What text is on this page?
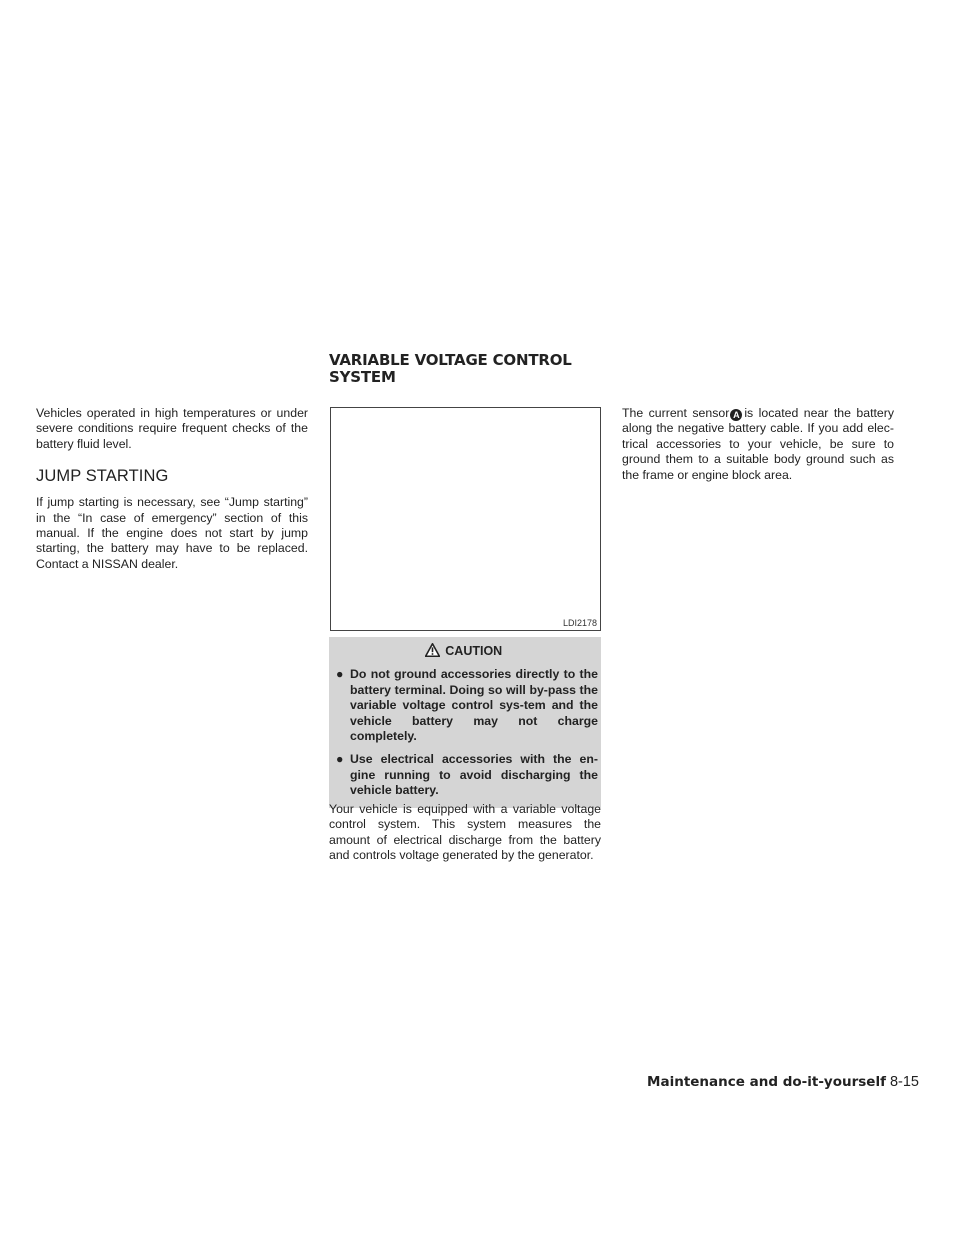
Vehicles operated in high temperatures or under severe conditions require frequent checks of the battery fluid level.

JUMP STARTING

If jump starting is necessary, see “Jump starting” in the “In case of emergency” section of this manual. If the engine does not start by jump starting, the battery may have to be replaced. Contact a NISSAN dealer.

VARIABLE VOLTAGE CONTROL
SYSTEM
LDI2178
CAUTION
● Do not ground accessories directly to the battery terminal. Doing so will by-pass the variable voltage control sys-tem and the vehicle battery may not charge completely.
● Use electrical accessories with the en-gine running to avoid discharging the vehicle battery.

Your vehicle is equipped with a variable voltage control system. This system measures the amount of electrical discharge from the battery and controls voltage generated by the generator.

The current sensor A is located near the battery along the negative battery cable. If you add elec-trical accessories to your vehicle, be sure to ground them to a suitable body ground such as the frame or engine block area.

Maintenance and do-it-yourself 8-15
